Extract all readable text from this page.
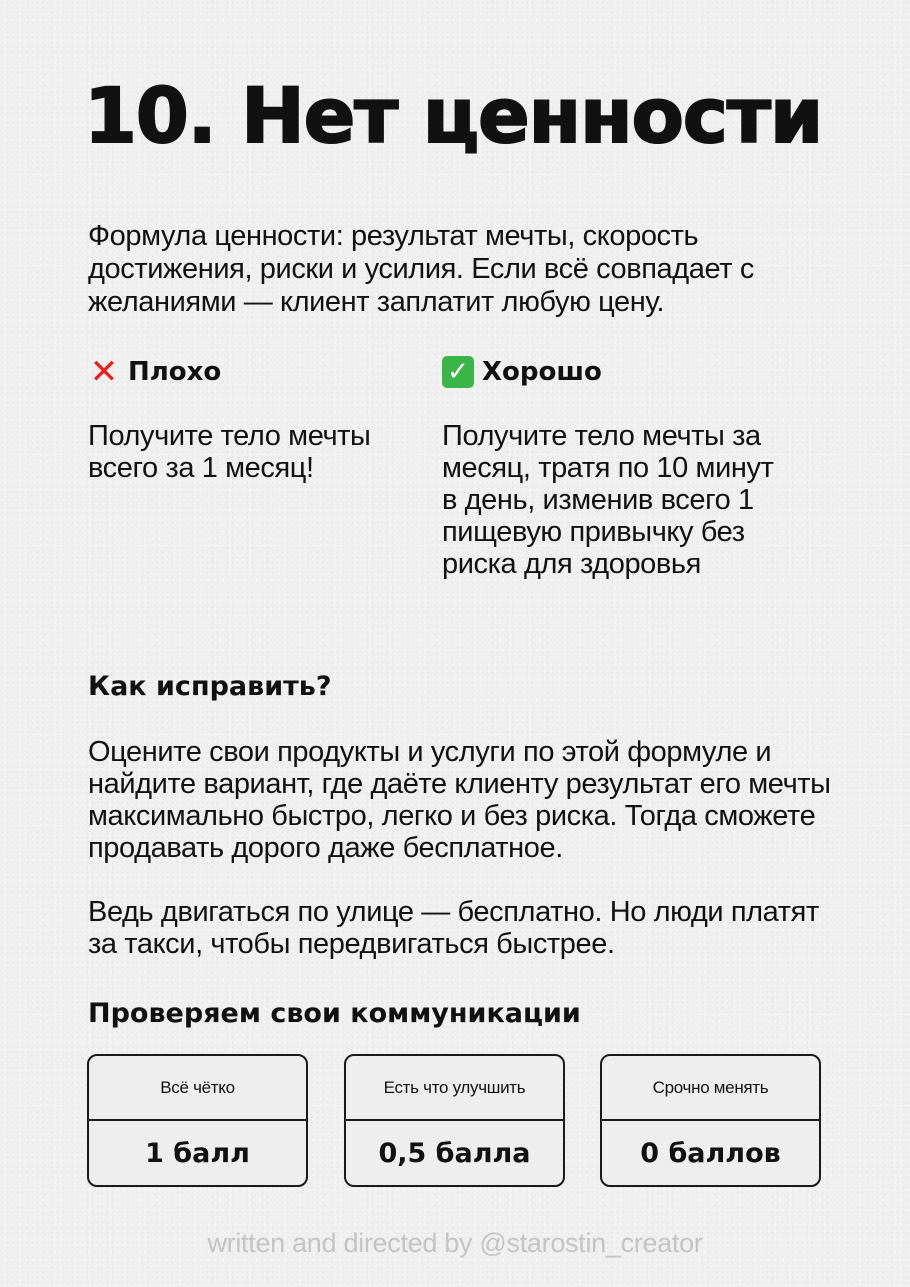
10. Нет ценности

Формула ценности: результат мечты, скорость достижения, риски и усилия. Если всё совпадает с желаниями — клиент заплатит любую цену.

✕ Плохо	✓ Хорошо

Получите тело мечты всего за 1 месяц!

Получите тело мечты за месяц, тратя по 10 минут в день, изменив всего 1 пищевую привычку без риска для здоровья

Как исправить?

Оцените свои продукты и услуги по этой формуле и найдите вариант, где даёте клиенту результат его мечты максимально быстро, легко и без риска. Тогда сможете продавать дорого даже бесплатное.

Ведь двигаться по улице — бесплатно. Но люди платят за такси, чтобы передвигаться быстрее.

Проверяем свои коммуникации
Всё чётко
1 балл
Есть что улучшить
0,5 балла
Срочно менять
0 баллов
written and directed by @starostin_creator
